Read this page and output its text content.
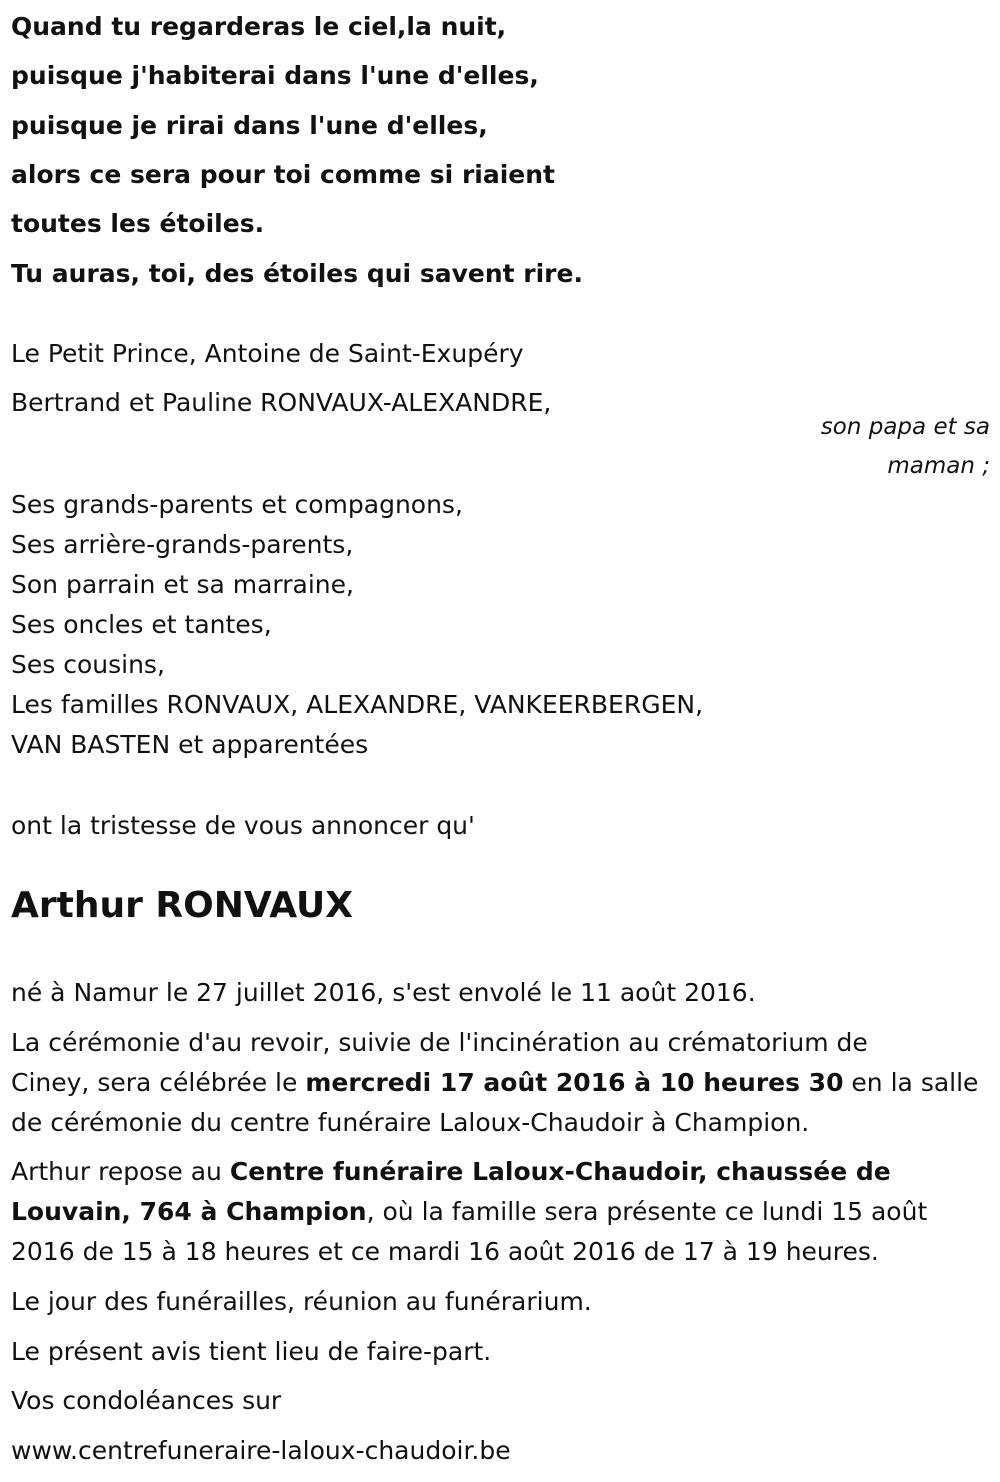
Quand tu regarderas le ciel,la nuit,
puisque j'habiterai dans l'une d'elles,
puisque je rirai dans l'une d'elles,
alors ce sera pour toi comme si riaient
toutes les étoiles.
Tu auras, toi, des étoiles qui savent rire.
Le Petit Prince, Antoine de Saint-Exupéry
Bertrand et Pauline RONVAUX-ALEXANDRE,
son papa et sa
maman ;
Ses grands-parents et compagnons,
Ses arrière-grands-parents,
Son parrain et sa marraine,
Ses oncles et tantes,
Ses cousins,
Les familles RONVAUX, ALEXANDRE, VANKEERBERGEN,
VAN BASTEN et apparentées
ont la tristesse de vous annoncer qu'
Arthur RONVAUX
né à Namur le 27 juillet 2016, s'est envolé le 11 août 2016.
La cérémonie d'au revoir, suivie de l'incinération au crématorium de
Ciney, sera célébrée le mercredi 17 août 2016 à 10 heures 30 en la salle
de cérémonie du centre funéraire Laloux-Chaudoir à Champion.
Arthur repose au Centre funéraire Laloux-Chaudoir, chaussée de
Louvain, 764 à Champion, où la famille sera présente ce lundi 15 août
2016 de 15 à 18 heures et ce mardi 16 août 2016 de 17 à 19 heures.
Le jour des funérailles, réunion au funérarium.
Le présent avis tient lieu de faire-part.
Vos condoléances sur
www.centrefuneraire-laloux-chaudoir.be
